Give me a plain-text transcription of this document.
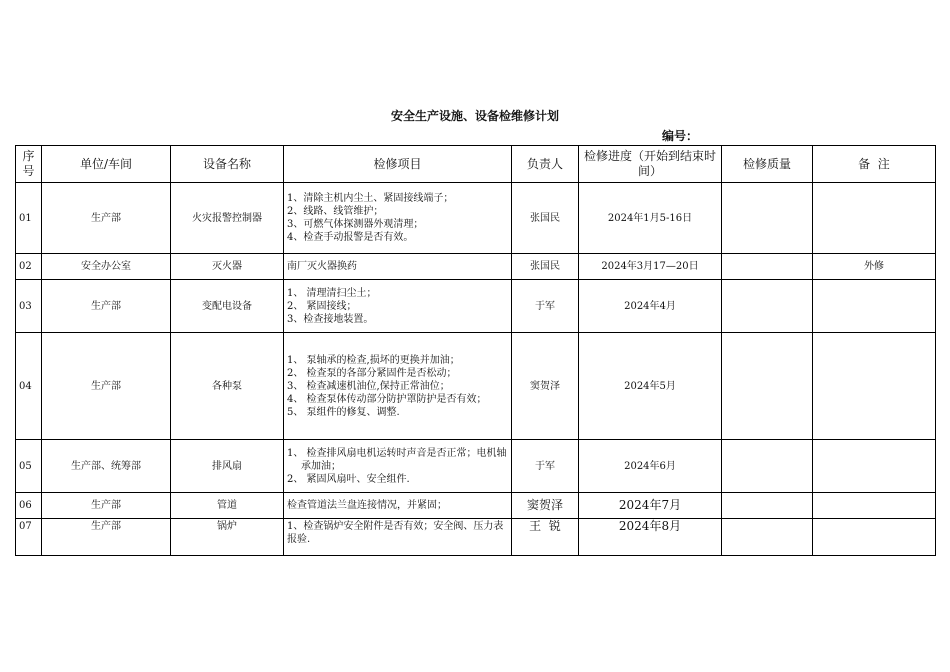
安全生产设施、设备检维修计划
编号：
序号	单位/车间	设备名称	检修项目	负责人	检修进度（开始到结束时间）	检修质量	备  注
01	生产部	火灾报警控制器	1、清除主机内尘土、紧固接线端子；
2、线路、线管维护；
3、可燃气体探测器外观清理；
4、检查手动报警是否有效。	张国民	2024年1月5-16日		
02	安全办公室	灭火器	南厂灭火器换药	张国民	2024年3月17—20日		外修
03	生产部	变配电设备	1、 清理清扫尘土；
2、 紧固接线；
3、检查接地装置。	于军	2024年4月		
04	生产部	各种泵	1、 泵轴承的检查,损坏的更换并加油；
2、 检查泵的各部分紧固件是否松动；
3、 检查减速机油位,保持正常油位；
4、 检查泵体传动部分防护罩防护是否有效；
5、 泵组件的修复、调整.	窦贺泽	2024年5月		
05	生产部、统筹部	排风扇	1、 检查排风扇电机运转时声音是否正常；电机轴承加油；
2、 紧固风扇叶、安全组件.	于军	2024年6月		
06	生产部	管道	检查管道法兰盘连接情况，并紧固；	窦贺泽	2024年7月		
07	生产部	锅炉	1、检查锅炉安全附件是否有效；安全阀、压力表报验.	王  锐	2024年8月		
